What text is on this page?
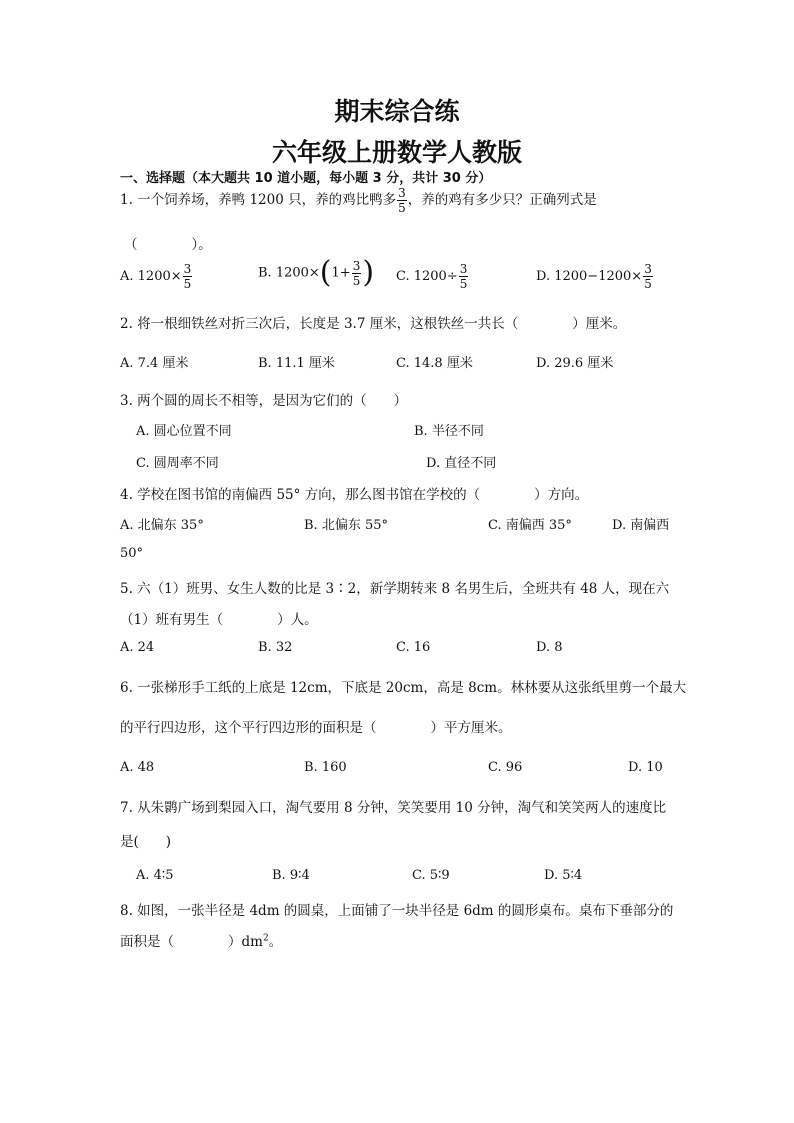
期末综合练
六年级上册数学人教版
一、选择题（本大题共 10 道小题，每小题 3 分，共计 30 分）
1. 一个饲养场，养鸭 1200 只，养的鸡比鸭多 $\frac{3}{5}$ ，养的鸡有多少只？正确列式是
（　　　　）。
A. $1200\times \frac{3}{5}$	B. $1200\times(1+ \frac{3}{5}$ ) C. $1200\div \frac{3}{5}$	D. $1200-1200\times \frac{3}{5}$
2. 将一根细铁丝对折三次后，长度是 3.7 厘米，这根铁丝一共长（　　　　）厘米。
A. 7.4 厘米	B. 11.1 厘米	C. 14.8 厘米	D. 29.6 厘米
3. 两个圆的周长不相等，是因为它们的（　　）
A. 圆心位置不同	B. 半径不同
C. 圆周率不同	D. 直径不同
4. 学校在图书馆的南偏西 55° 方向，那么图书馆在学校的（　　　　）方向。
A. 北偏东 35°	B. 北偏东 55°	C. 南偏西 35°	D. 南偏西
50°
5. 六（1）班男、女生人数的比是 3∶2，新学期转来 8 名男生后，全班共有 48 人，现在六
（1）班有男生（　　　　）人。
A. 24	B. 32	C. 16	D. 8
6. 一张梯形手工纸的上底是 12cm，下底是 20cm，高是 8cm。林林要从这张纸里剪一个最大
的平行四边形，这个平行四边形的面积是（　　　　）平方厘米。
A. 48	B. 160	C. 96	D. 10
7. 从朱鹮广场到梨园入口，淘气要用 8 分钟，笑笑要用 10 分钟，淘气和笑笑两人的速度比
是(　　)
A. 4∶5	B. 9∶4	C. 5∶9	D. 5∶4
8. 如图，一张半径是 4dm 的圆桌，上面铺了一块半径是 6dm 的圆形桌布。桌布下垂部分的
面积是（　　　　）$dm^2$。
